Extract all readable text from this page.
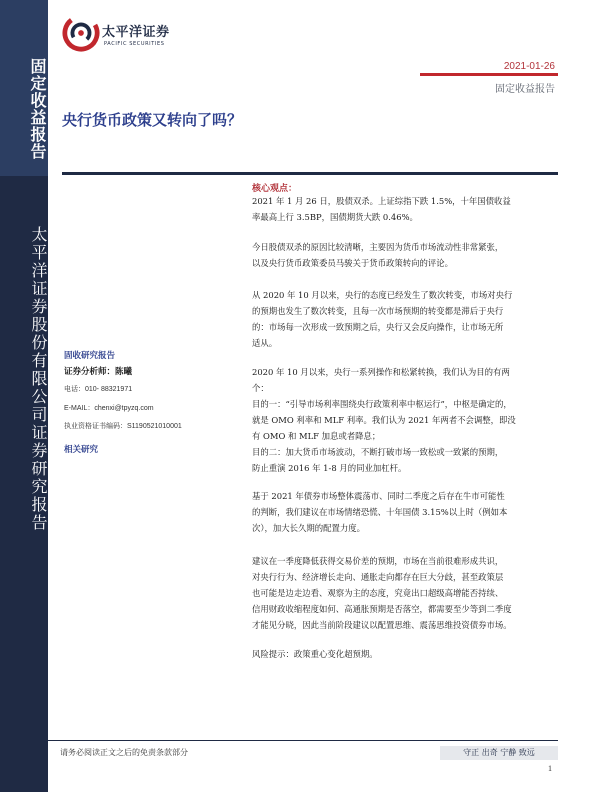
固定收益报告
太平洋证券股份有限公司证券研究报告
太平洋证券
PACIFIC SECURITIES
2021-01-26
固定收益报告
央行货币政策又转向了吗？
固收研究报告
证券分析师：陈曦
电话：010- 88321971
E-MAIL：chenxi@tpyzq.com
执业资格证书编码：S1190521010001
相关研究
核心观点：
2021 年 1 月 26 日，股债双杀。上证综指下跌 1.5%，十年国债收益
率最高上行 3.5BP，国债期货大跌 0.46%。
今日股债双杀的原因比较清晰，主要因为货币市场流动性非常紧张，
以及央行货币政策委员马骏关于货币政策转向的评论。
从 2020 年 10 月以来，央行的态度已经发生了数次转变，市场对央行
的预期也发生了数次转变，且每一次市场预期的转变都是滞后于央行
的：市场每一次形成一致预期之后，央行又会反向操作，让市场无所
适从。
2020 年 10 月以来，央行一系列操作和松紧转换，我们认为目的有两
个：
目的一：“引导市场利率围绕央行政策利率中枢运行”，中枢是确定的，
就是 OMO 利率和 MLF 利率。我们认为 2021 年两者不会调整，即没
有 OMO 和 MLF 加息或者降息；
目的二：加大货币市场波动，不断打破市场一致松或一致紧的预期，
防止重演 2016 年 1-8 月的同业加杠杆。
基于 2021 年债券市场整体震荡市、同时二季度之后存在牛市可能性
的判断，我们建议在市场情绪恐慌、十年国债 3.15%以上时（例如本
次），加大长久期的配置力度。
建议在一季度降低获得交易价差的预期，市场在当前很难形成共识，
对央行行为、经济增长走向、通胀走向都存在巨大分歧，甚至政策层
也可能是边走边看、观察为主的态度，究竟出口超级高增能否持续、
信用财政收缩程度如何、高通胀预期是否落空，都需要至少等到二季度
才能见分晓，因此当前阶段建议以配置思维、震荡思维投资债券市场。
风险提示：政策重心变化超预期。
请务必阅读正文之后的免责条款部分	守正 出奇 宁静 致远
1
